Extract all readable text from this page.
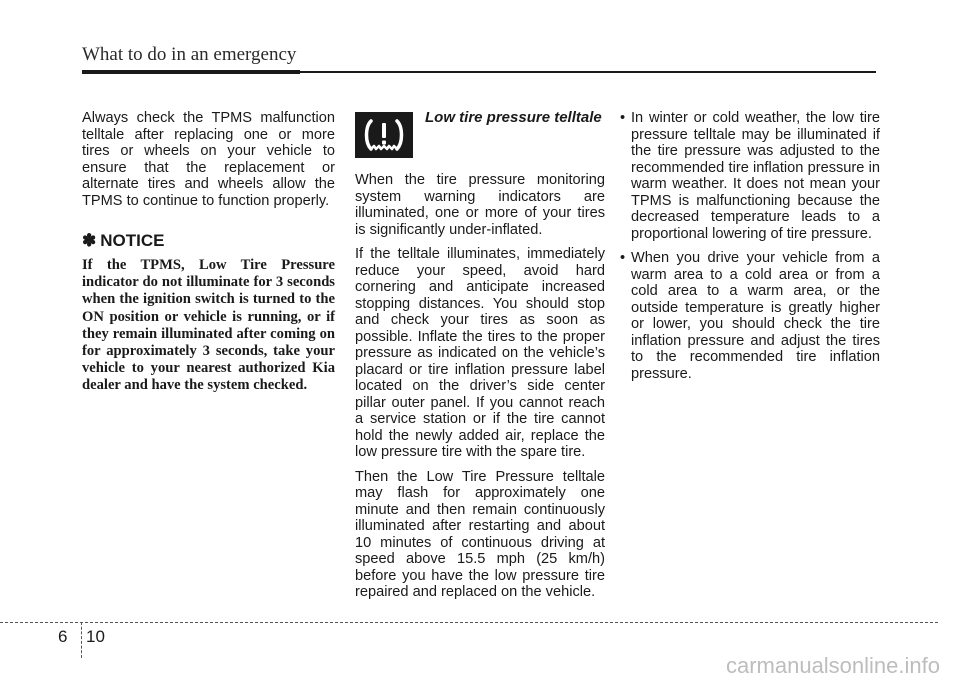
What to do in an emergency

Always check the TPMS malfunction telltale after replacing one or more tires or wheels on your vehicle to ensure that the replacement or alternate tires and wheels allow the TPMS to continue to function properly.

✽ NOTICE

If the TPMS, Low Tire Pressure indicator do not illuminate for 3 seconds when the ignition switch is turned to the ON position or vehicle is running, or if they remain illuminated after coming on for approximately 3 seconds, take your vehicle to your nearest authorized Kia dealer and have the system checked.

Low tire pressure telltale

When the tire pressure monitoring system warning indicators are illuminated, one or more of your tires is significantly under-inflated.

If the telltale illuminates, immediately reduce your speed, avoid hard cornering and anticipate increased stopping distances. You should stop and check your tires as soon as possible. Inflate the tires to the proper pressure as indicated on the vehicle’s placard or tire inflation pressure label located on the driver’s side center pillar outer panel. If you cannot reach a service station or if the tire cannot hold the newly added air, replace the low pressure tire with the spare tire.

Then the Low Tire Pressure telltale may flash for approximately one minute and then remain continuously illuminated after restarting and about 10 minutes of continuous driving at speed above 15.5 mph (25 km/h) before you have the low pressure tire repaired and replaced on the vehicle.

• In winter or cold weather, the low tire pressure telltale may be illuminated if the tire pressure was adjusted to the recommended tire inflation pressure in warm weather. It does not mean your TPMS is malfunctioning because the decreased temperature leads to a proportional lowering of tire pressure.
• When you drive your vehicle from a warm area to a cold area or from a cold area to a warm area, or the outside temperature is greatly higher or lower, you should check the tire inflation pressure and adjust the tires to the recommended tire inflation pressure.
6 10
carmanualsonline.info
